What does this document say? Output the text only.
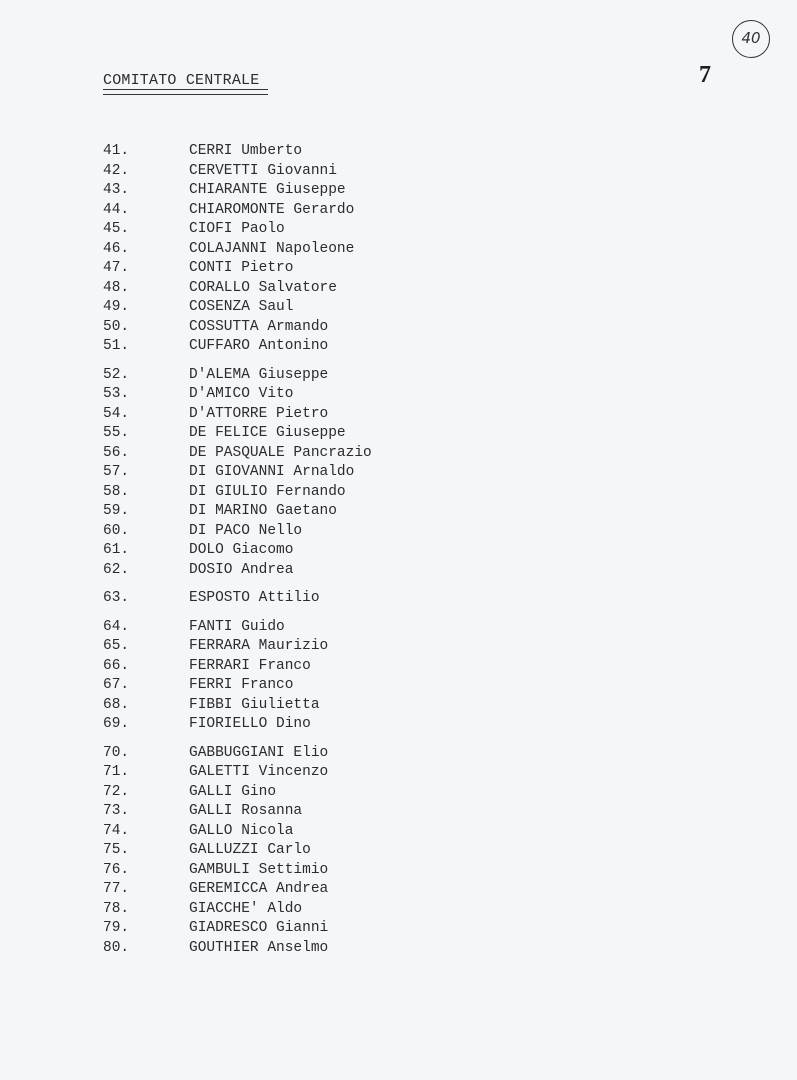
40
COMITATO CENTRALE	7
41.	CERRI Umberto
42.	CERVETTI Giovanni
43.	CHIARANTE Giuseppe
44.	CHIAROMONTE Gerardo
45.	CIOFI Paolo
46.	COLAJANNI Napoleone
47.	CONTI Pietro
48.	CORALLO Salvatore
49.	COSENZA Saul
50.	COSSUTTA Armando
51.	CUFFARO Antonino
52.	D'ALEMA Giuseppe
53.	D'AMICO Vito
54.	D'ATTORRE Pietro
55.	DE FELICE Giuseppe
56.	DE PASQUALE Pancrazio
57.	DI GIOVANNI Arnaldo
58.	DI GIULIO Fernando
59.	DI MARINO Gaetano
60.	DI PACO Nello
61.	DOLO Giacomo
62.	DOSIO Andrea
63.	ESPOSTO Attilio
64.	FANTI Guido
65.	FERRARA Maurizio
66.	FERRARI Franco
67.	FERRI Franco
68.	FIBBI Giulietta
69.	FIORIELLO Dino
70.	GABBUGGIANI Elio
71.	GALETTI Vincenzo
72.	GALLI Gino
73.	GALLI Rosanna
74.	GALLO Nicola
75.	GALLUZZI Carlo
76.	GAMBULI Settimio
77.	GEREMICCA Andrea
78.	GIACCHE' Aldo
79.	GIADRESCO Gianni
80.	GOUTHIER Anselmo
